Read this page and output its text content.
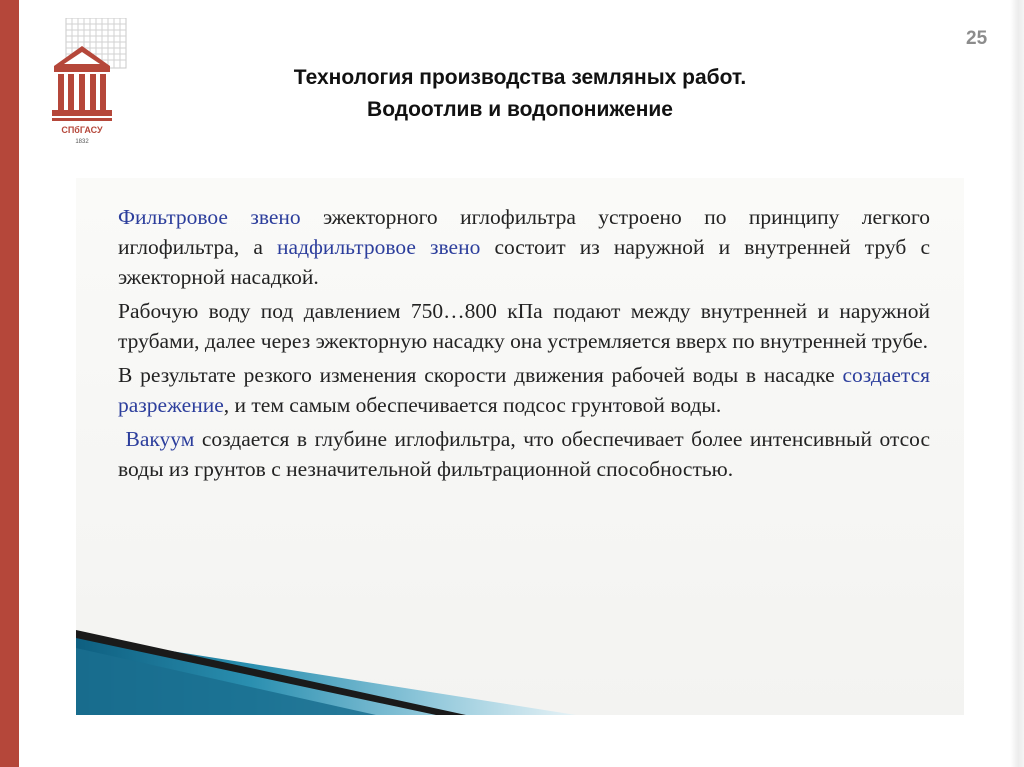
СПбГАСУ
1832
25
Технология производства земляных работ.
Водоотлив и водопонижение

Фильтровое звено эжекторного иглофильтра устроено по принципу легкого иглофильтра, а надфильтровое звено состоит из наружной и внутренней труб с эжекторной насадкой.

Рабочую воду под давлением 750…800 кПа подают между внутренней и наружной трубами, далее через эжекторную насадку она устремляется вверх по внутренней трубе.

В результате резкого изменения скорости движения рабочей воды в насадке создается разрежение, и тем самым обеспечивается подсос грунтовой воды.

Вакуум создается в глубине иглофильтра, что обеспечивает более интенсивный отсос воды из грунтов с незначительной фильтрационной способностью.
